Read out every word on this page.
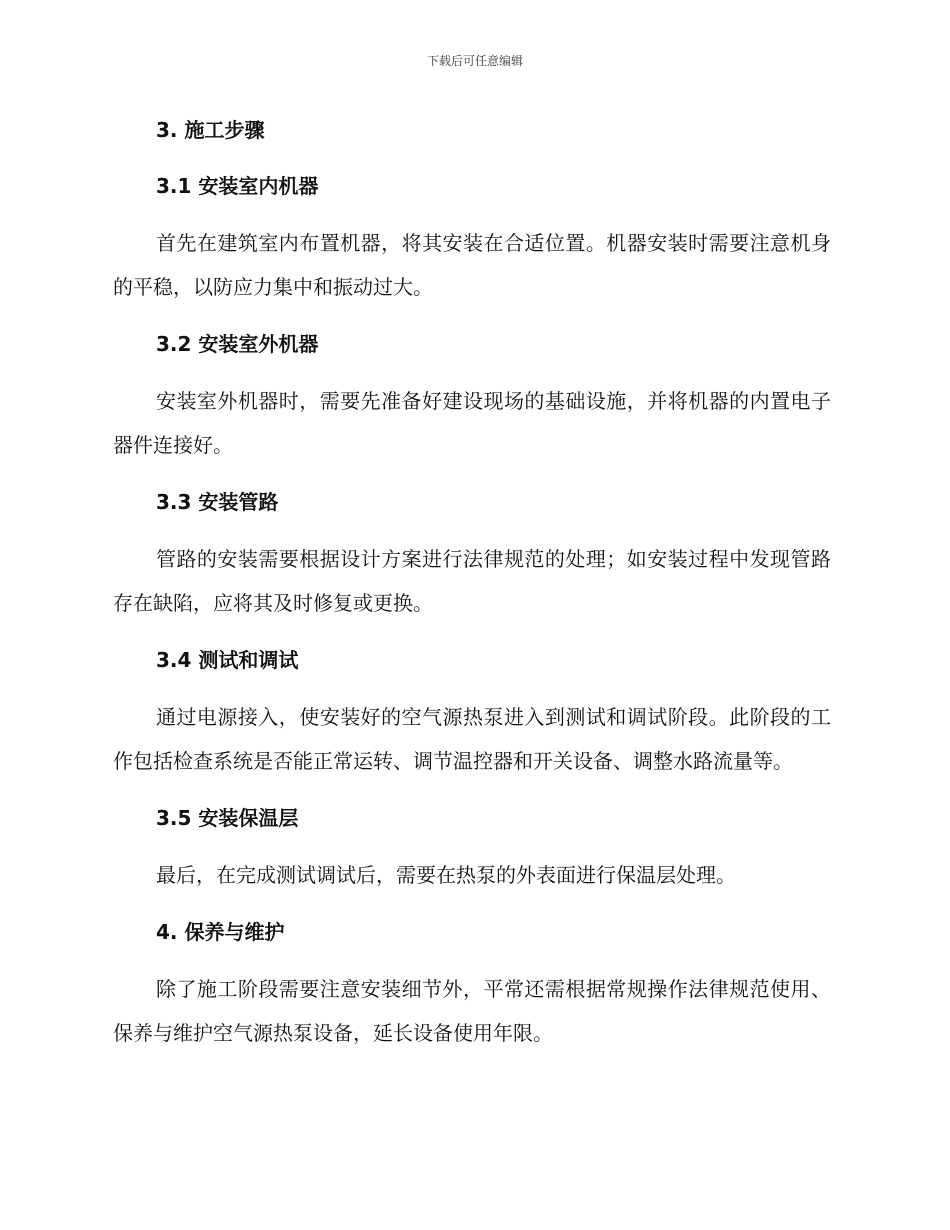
下载后可任意编辑
3. 施工步骤
3.1 安装室内机器

首先在建筑室内布置机器，将其安装在合适位置。机器安装时需要注意机身的平稳，以防应力集中和振动过大。

3.2 安装室外机器

安装室外机器时，需要先准备好建设现场的基础设施，并将机器的内置电子器件连接好。

3.3 安装管路

管路的安装需要根据设计方案进行法律规范的处理；如安装过程中发现管路存在缺陷，应将其及时修复或更换。

3.4 测试和调试

通过电源接入，使安装好的空气源热泵进入到测试和调试阶段。此阶段的工作包括检查系统是否能正常运转、调节温控器和开关设备、调整水路流量等。

3.5 安装保温层

最后，在完成测试调试后，需要在热泵的外表面进行保温层处理。

4. 保养与维护

除了施工阶段需要注意安装细节外，平常还需根据常规操作法律规范使用、保养与维护空气源热泵设备，延长设备使用年限。
